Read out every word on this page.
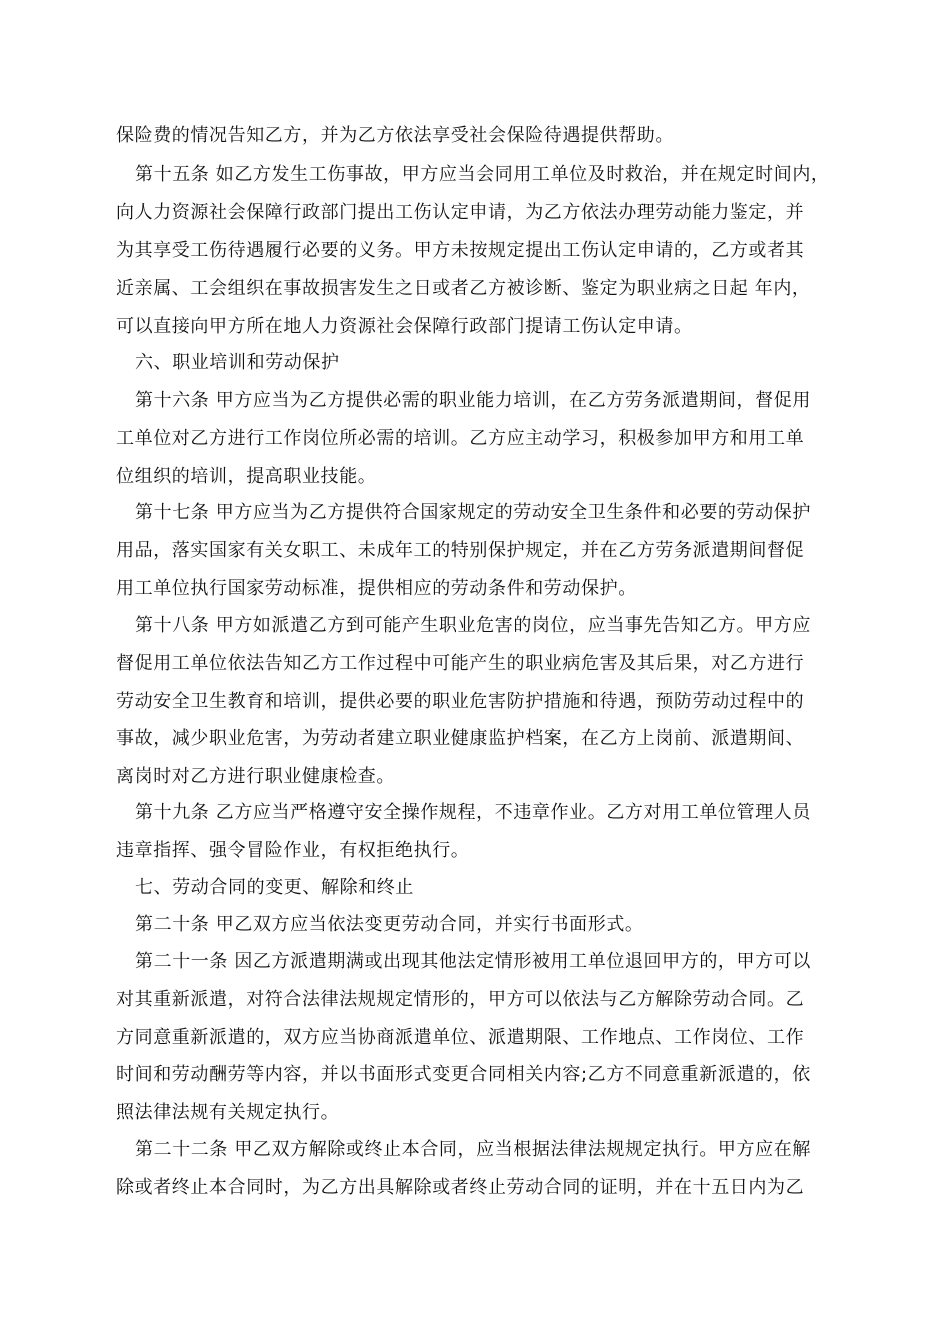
保险费的情况告知乙方，并为乙方依法享受社会保险待遇提供帮助。
第十五条 如乙方发生工伤事故，甲方应当会同用工单位及时救治，并在规定时间内，
向人力资源社会保障行政部门提出工伤认定申请，为乙方依法办理劳动能力鉴定，并
为其享受工伤待遇履行必要的义务。甲方未按规定提出工伤认定申请的，乙方或者其
近亲属、工会组织在事故损害发生之日或者乙方被诊断、鉴定为职业病之日起 年内，
可以直接向甲方所在地人力资源社会保障行政部门提请工伤认定申请。
六、职业培训和劳动保护
第十六条 甲方应当为乙方提供必需的职业能力培训，在乙方劳务派遣期间，督促用
工单位对乙方进行工作岗位所必需的培训。乙方应主动学习，积极参加甲方和用工单
位组织的培训，提高职业技能。
第十七条 甲方应当为乙方提供符合国家规定的劳动安全卫生条件和必要的劳动保护
用品，落实国家有关女职工、未成年工的特别保护规定，并在乙方劳务派遣期间督促
用工单位执行国家劳动标准，提供相应的劳动条件和劳动保护。
第十八条 甲方如派遣乙方到可能产生职业危害的岗位，应当事先告知乙方。甲方应
督促用工单位依法告知乙方工作过程中可能产生的职业病危害及其后果，对乙方进行
劳动安全卫生教育和培训，提供必要的职业危害防护措施和待遇，预防劳动过程中的
事故，减少职业危害，为劳动者建立职业健康监护档案，在乙方上岗前、派遣期间、
离岗时对乙方进行职业健康检查。
第十九条 乙方应当严格遵守安全操作规程，不违章作业。乙方对用工单位管理人员
违章指挥、强令冒险作业，有权拒绝执行。
七、劳动合同的变更、解除和终止
第二十条 甲乙双方应当依法变更劳动合同，并实行书面形式。
第二十一条 因乙方派遣期满或出现其他法定情形被用工单位退回甲方的，甲方可以
对其重新派遣，对符合法律法规规定情形的，甲方可以依法与乙方解除劳动合同。乙
方同意重新派遣的，双方应当协商派遣单位、派遣期限、工作地点、工作岗位、工作
时间和劳动酬劳等内容，并以书面形式变更合同相关内容;乙方不同意重新派遣的，依
照法律法规有关规定执行。
第二十二条 甲乙双方解除或终止本合同，应当根据法律法规规定执行。甲方应在解
除或者终止本合同时，为乙方出具解除或者终止劳动合同的证明，并在十五日内为乙
